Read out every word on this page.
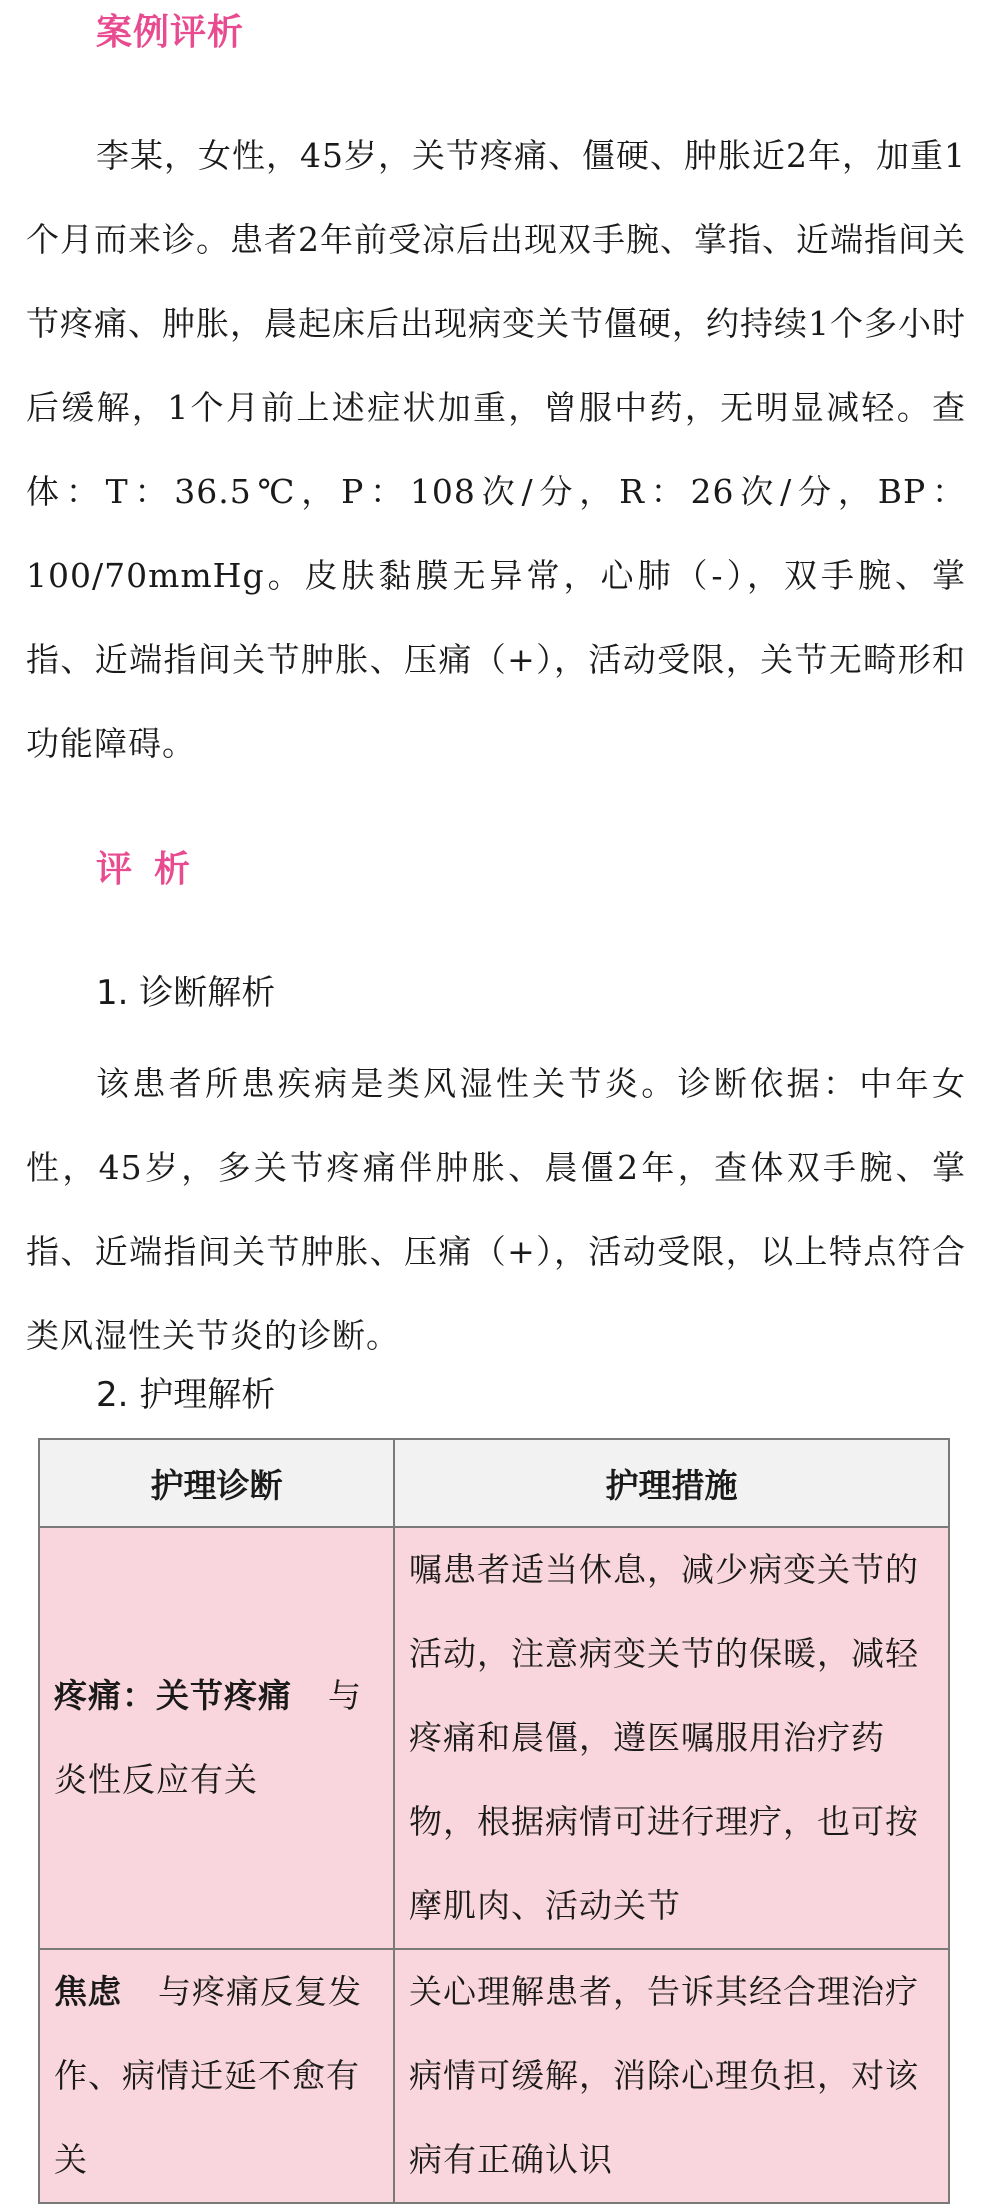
案例评析

李某，女性，45岁，关节疼痛、僵硬、肿胀近2年，加重1个月而来诊。患者2年前受凉后出现双手腕、掌指、近端指间关节疼痛、肿胀，晨起床后出现病变关节僵硬，约持续1个多小时后缓解，1个月前上述症状加重，曾服中药，无明显减轻。查体：T：36.5℃，P：108次/分，R：26次/分，BP：100/70mmHg。皮肤黏膜无异常，心肺（-），双手腕、掌指、近端指间关节肿胀、压痛（+），活动受限，关节无畸形和功能障碍。

评析
1. 诊断解析

该患者所患疾病是类风湿性关节炎。诊断依据：中年女性，45岁，多关节疼痛伴肿胀、晨僵2年，查体双手腕、掌指、近端指间关节肿胀、压痛（+），活动受限，以上特点符合类风湿性关节炎的诊断。

2. 护理解析
护理诊断	护理措施
疼痛：关节疼痛 与炎性反应有关	嘱患者适当休息，减少病变关节的活动，注意病变关节的保暖，减轻疼痛和晨僵，遵医嘱服用治疗药物，根据病情可进行理疗，也可按摩肌肉、活动关节
焦虑 与疼痛反复发作、病情迁延不愈有关	关心理解患者，告诉其经合理治疗病情可缓解，消除心理负担，对该病有正确认识
